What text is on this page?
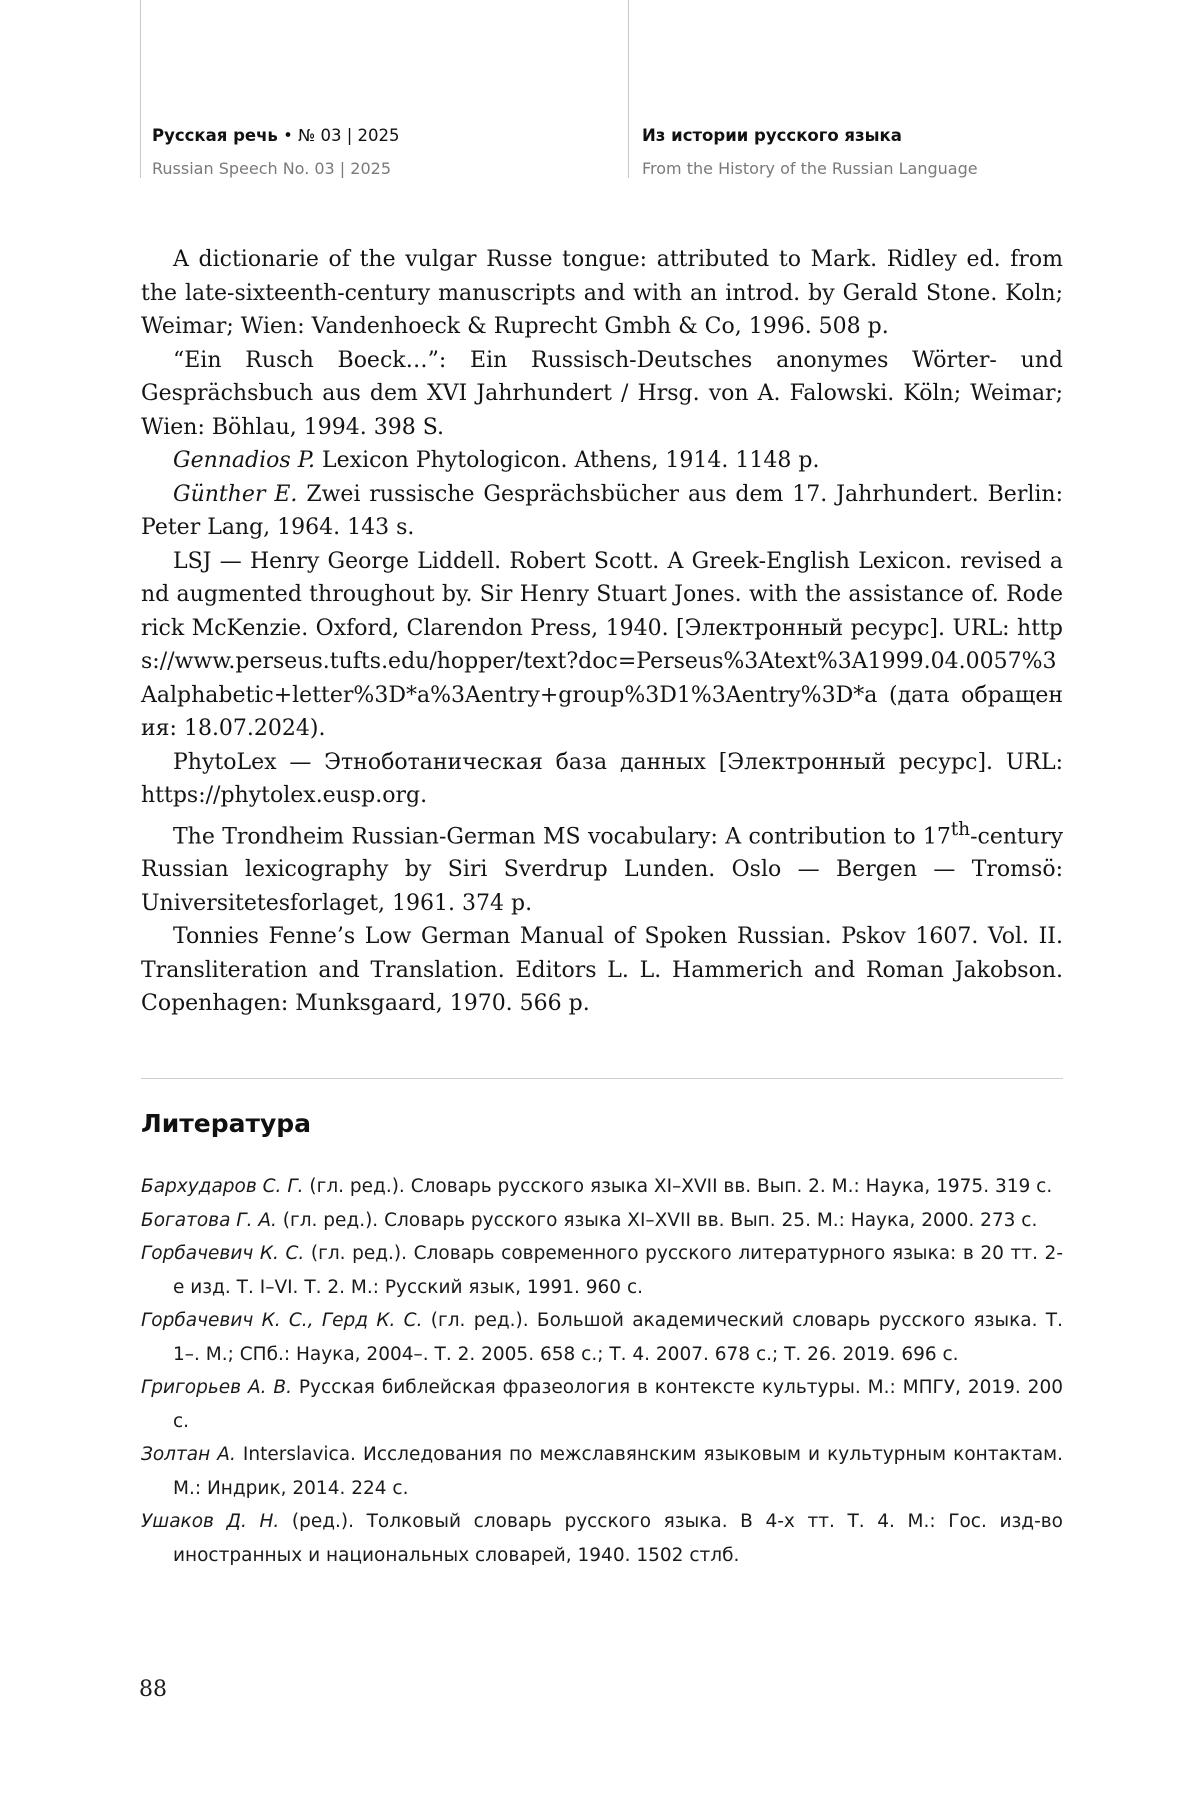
Русская речь • № 03 | 2025
Russian Speech No. 03 | 2025
Из истории русского языка
From the History of the Russian Language

A dictionarie of the vulgar Russe tongue: attributed to Mark. Ridley ed. from the late-sixteenth-century manuscripts and with an introd. by Gerald Stone. Koln; Weimar; Wien: Vandenhoeck & Ruprecht Gmbh & Co, 1996. 508 p.

“Ein Rusch Boeck…”: Ein Russisch-Deutsches anonymes Wörter- und Gesprächsbuch aus dem XVI Jahrhundert / Hrsg. von A. Falowski. Köln; Weimar; Wien: Böhlau, 1994. 398 S.

Gennadios P. Lexicon Phytologicon. Athens, 1914. 1148 p.

Günther E. Zwei russische Gesprächsbücher aus dem 17. Jahrhundert. Berlin: Peter Lang, 1964. 143 s.

LSJ — Henry George Liddell. Robert Scott. A Greek-English Lexicon. revised and augmented throughout by. Sir Henry Stuart Jones. with the assistance of. Roderick McKenzie. Oxford, Clarendon Press, 1940. [Электронный ресурс]. URL: https://www.perseus.tufts.edu/hopper/text?doc=Perseus%3Atext%3A1999.04.0057%3Aalphabetic+letter%3D*a%3Aentry+group%3D1%3Aentry%3D*a (дата обращения: 18.07.2024).

PhytoLex — Этноботаническая база данных [Электронный ресурс]. URL: https://phytolex.eusp.org.

The Trondheim Russian-German MS vocabulary: A contribution to 17th-century Russian lexicography by Siri Sverdrup Lunden. Oslo — Bergen — Tromsö: Universitetesforlaget, 1961. 374 p.

Tonnies Fenne’s Low German Manual of Spoken Russian. Pskov 1607. Vol. II. Transliteration and Translation. Editors L. L. Hammerich and Roman Jakobson. Copenhagen: Munksgaard, 1970. 566 p.

Литература

Бархударов С. Г. (гл. ред.). Словарь русского языка XI–XVII вв. Вып. 2. М.: Наука, 1975. 319 с.

Богатова Г. А. (гл. ред.). Словарь русского языка XI–XVII вв. Вып. 25. М.: Наука, 2000. 273 с.

Горбачевич К. С. (гл. ред.). Словарь современного русского литературного языка: в 20 тт. 2-е изд. Т. I–VI. Т. 2. М.: Русский язык, 1991. 960 с.

Горбачевич К. С., Герд К. С. (гл. ред.). Большой академический словарь русского языка. Т. 1–. М.; СПб.: Наука, 2004–. Т. 2. 2005. 658 с.; Т. 4. 2007. 678 с.; Т. 26. 2019. 696 с.

Григорьев А. В. Русская библейская фразеология в контексте культуры. М.: МПГУ, 2019. 200 с.

Золтан А. Interslavica. Исследования по межславянским языковым и культурным контактам. М.: Индрик, 2014. 224 с.

Ушаков Д. Н. (ред.). Толковый словарь русского языка. В 4-х тт. Т. 4. М.: Гос. изд-во иностранных и национальных словарей, 1940. 1502 стлб.

88
